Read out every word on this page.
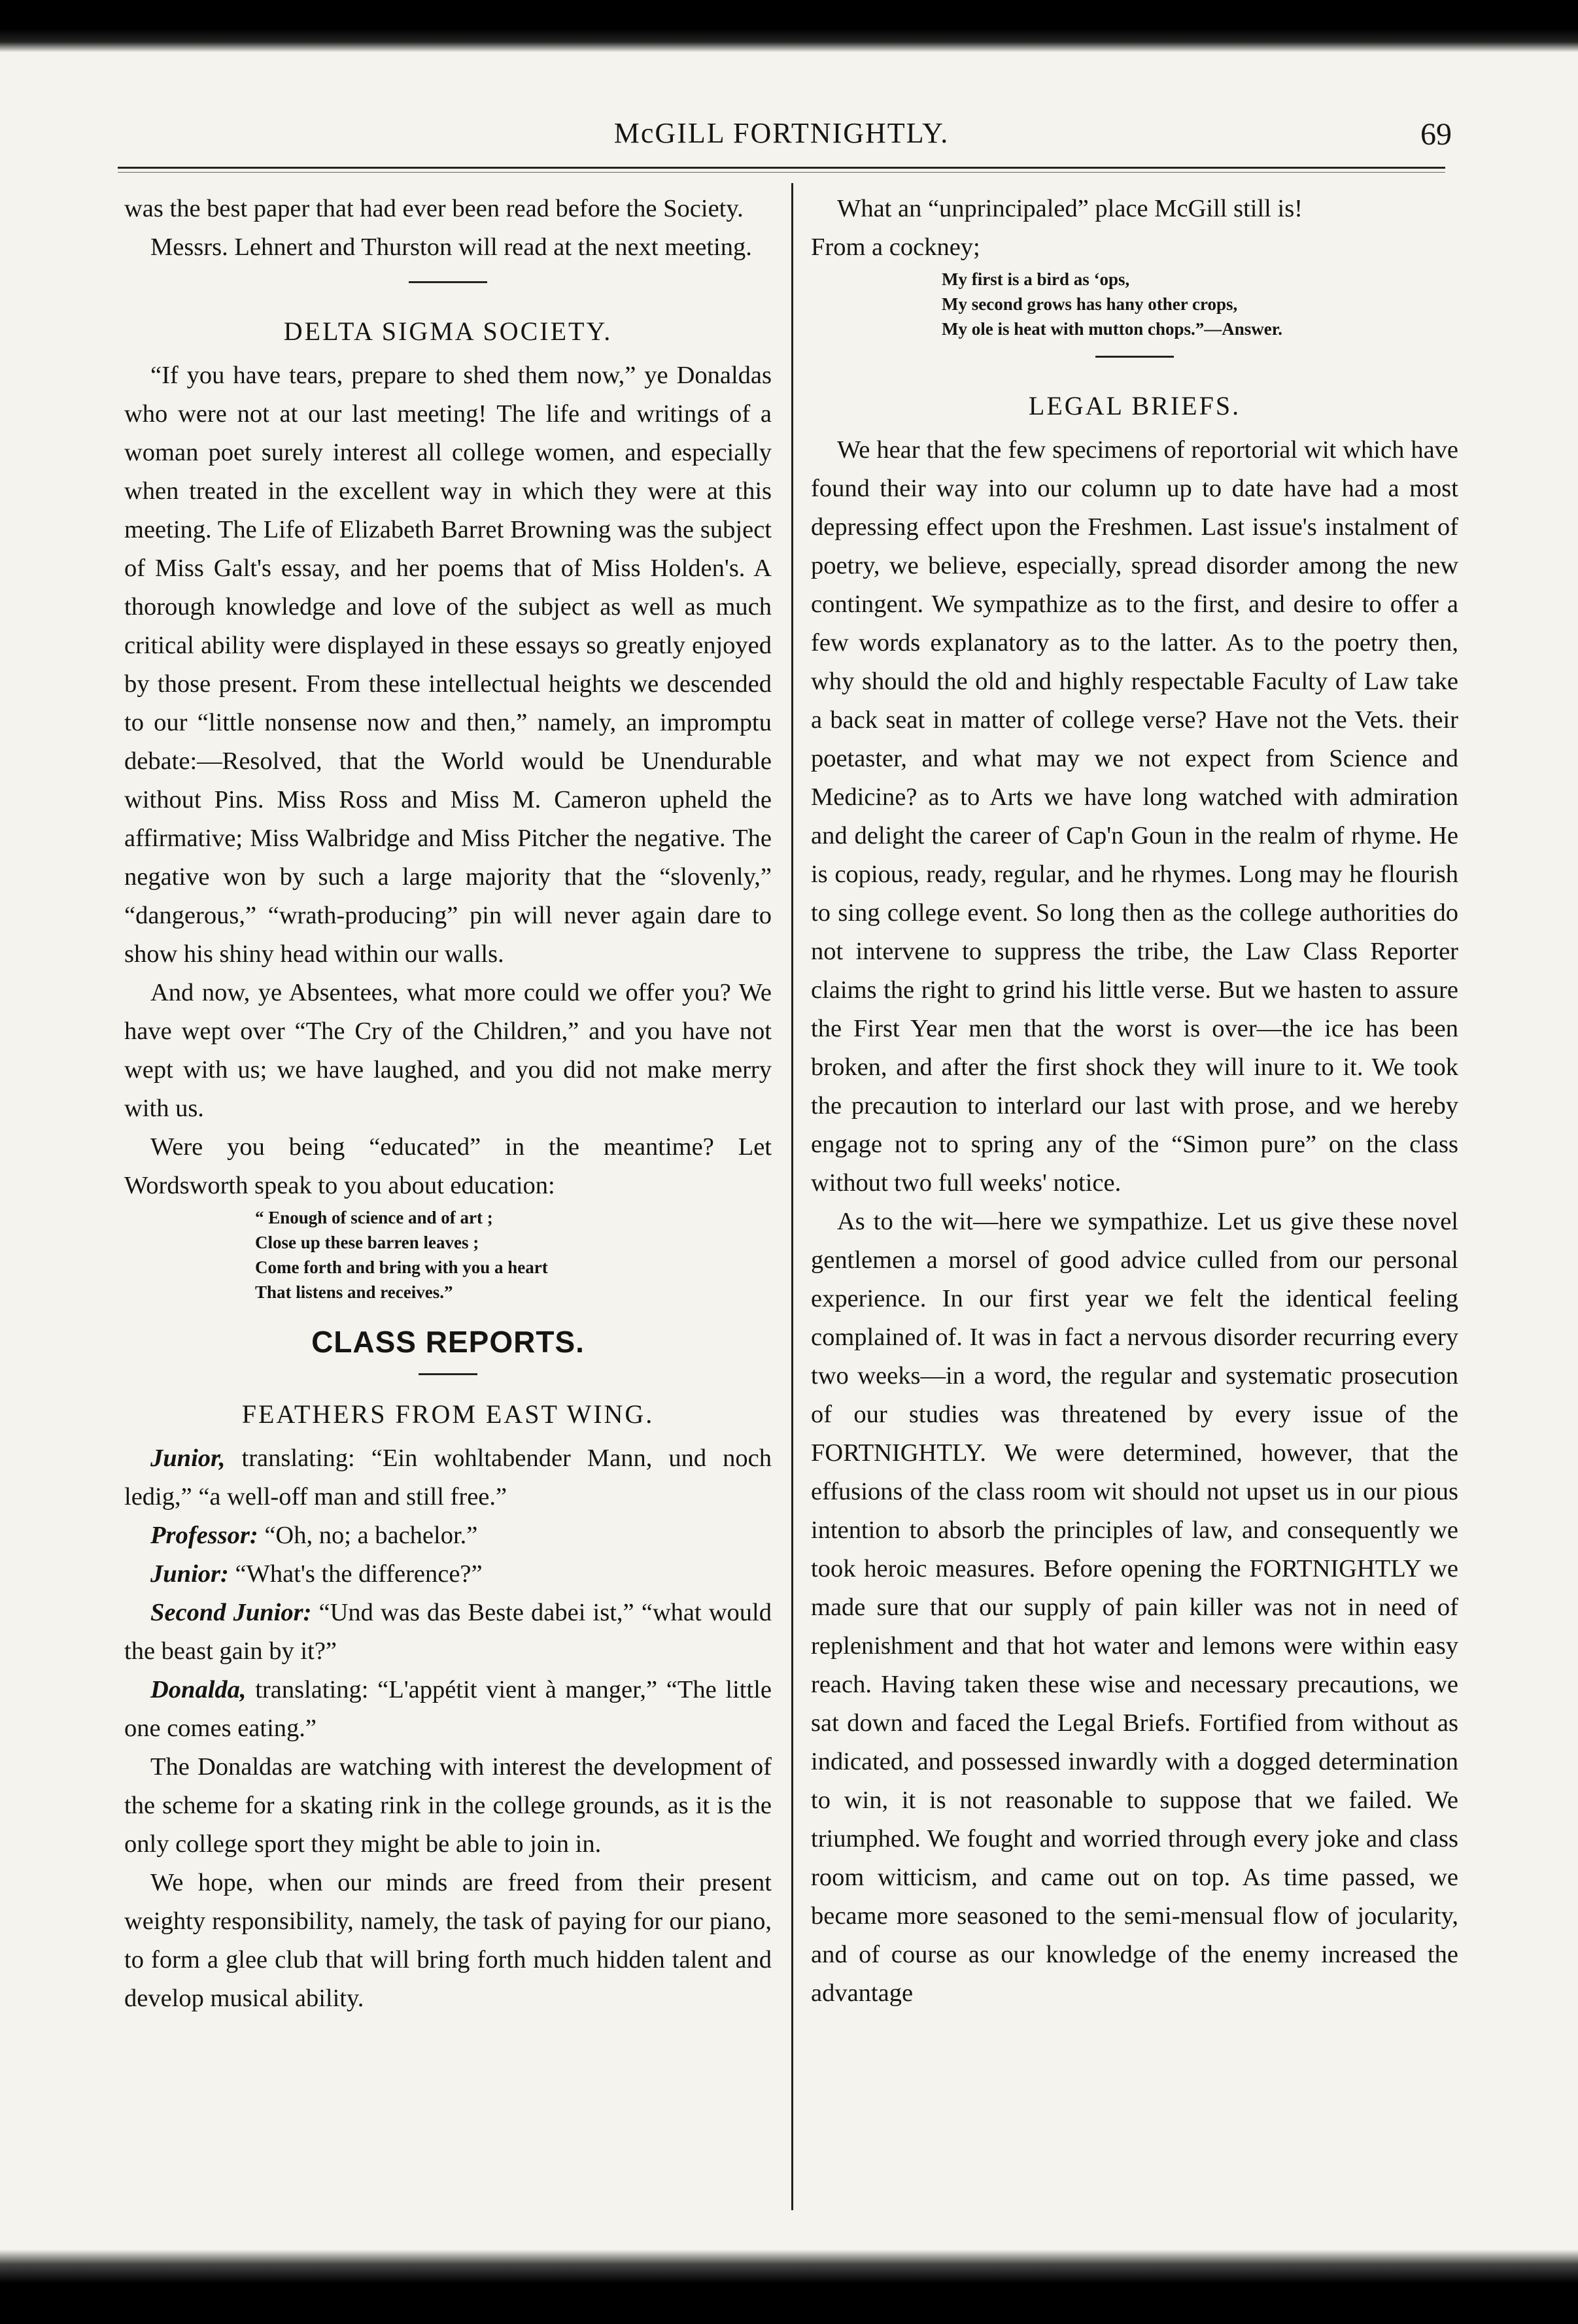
McGILL FORTNIGHTLY.	69

was the best paper that had ever been read before the Society.

Messrs. Lehnert and Thurston will read at the next meeting.

DELTA SIGMA SOCIETY.

“If you have tears, prepare to shed them now,” ye Donaldas who were not at our last meeting! The life and writings of a woman poet surely interest all college women, and especially when treated in the excellent way in which they were at this meeting. The Life of Elizabeth Barret Browning was the subject of Miss Galt's essay, and her poems that of Miss Holden's. A thorough knowledge and love of the subject as well as much critical ability were displayed in these essays so greatly enjoyed by those present. From these intellectual heights we descended to our “little nonsense now and then,” namely, an impromptu debate:—Resolved, that the World would be Unendurable without Pins. Miss Ross and Miss M. Cameron upheld the affirmative; Miss Walbridge and Miss Pitcher the negative. The negative won by such a large majority that the “slovenly,” “dangerous,” “wrath-producing” pin will never again dare to show his shiny head within our walls.

And now, ye Absentees, what more could we offer you? We have wept over “The Cry of the Children,” and you have not wept with us; we have laughed, and you did not make merry with us.

Were you being “educated” in the meantime? Let Wordsworth speak to you about education:

“ Enough of science and of art ;
Close up these barren leaves ;
Come forth and bring with you a heart
That listens and receives.”
CLASS REPORTS.
FEATHERS FROM EAST WING.

Junior, translating: “Ein wohltabender Mann, und noch ledig,” “a well-off man and still free.”

Professor: “Oh, no; a bachelor.”

Junior: “What's the difference?”

Second Junior: “Und was das Beste dabei ist,” “what would the beast gain by it?”

Donalda, translating: “L'appétit vient à manger,” “The little one comes eating.”

The Donaldas are watching with interest the development of the scheme for a skating rink in the college grounds, as it is the only college sport they might be able to join in.

We hope, when our minds are freed from their present weighty responsibility, namely, the task of paying for our piano, to form a glee club that will bring forth much hidden talent and develop musical ability.

What an “unprincipaled” place McGill still is!

From a cockney;

My first is a bird as ‘ops,
My second grows has hany other crops,
My ole is heat with mutton chops.”—Answer.
LEGAL BRIEFS.

We hear that the few specimens of reportorial wit which have found their way into our column up to date have had a most depressing effect upon the Freshmen. Last issue's instalment of poetry, we believe, especially, spread disorder among the new contingent. We sympathize as to the first, and desire to offer a few words explanatory as to the latter. As to the poetry then, why should the old and highly respectable Faculty of Law take a back seat in matter of college verse? Have not the Vets. their poetaster, and what may we not expect from Science and Medicine? as to Arts we have long watched with admiration and delight the career of Cap'n Goun in the realm of rhyme. He is copious, ready, regular, and he rhymes. Long may he flourish to sing college event. So long then as the college authorities do not intervene to suppress the tribe, the Law Class Reporter claims the right to grind his little verse. But we hasten to assure the First Year men that the worst is over—the ice has been broken, and after the first shock they will inure to it. We took the precaution to interlard our last with prose, and we hereby engage not to spring any of the “Simon pure” on the class without two full weeks' notice.

As to the wit—here we sympathize. Let us give these novel gentlemen a morsel of good advice culled from our personal experience. In our first year we felt the identical feeling complained of. It was in fact a nervous disorder recurring every two weeks—in a word, the regular and systematic prosecution of our studies was threatened by every issue of the FORTNIGHTLY. We were determined, however, that the effusions of the class room wit should not upset us in our pious intention to absorb the principles of law, and consequently we took heroic measures. Before opening the FORTNIGHTLY we made sure that our supply of pain killer was not in need of replenishment and that hot water and lemons were within easy reach. Having taken these wise and necessary precautions, we sat down and faced the Legal Briefs. Fortified from without as indicated, and possessed inwardly with a dogged determination to win, it is not reasonable to suppose that we failed. We triumphed. We fought and worried through every joke and class room witticism, and came out on top. As time passed, we became more seasoned to the semi-mensual flow of jocularity, and of course as our knowledge of the enemy increased the advantage
